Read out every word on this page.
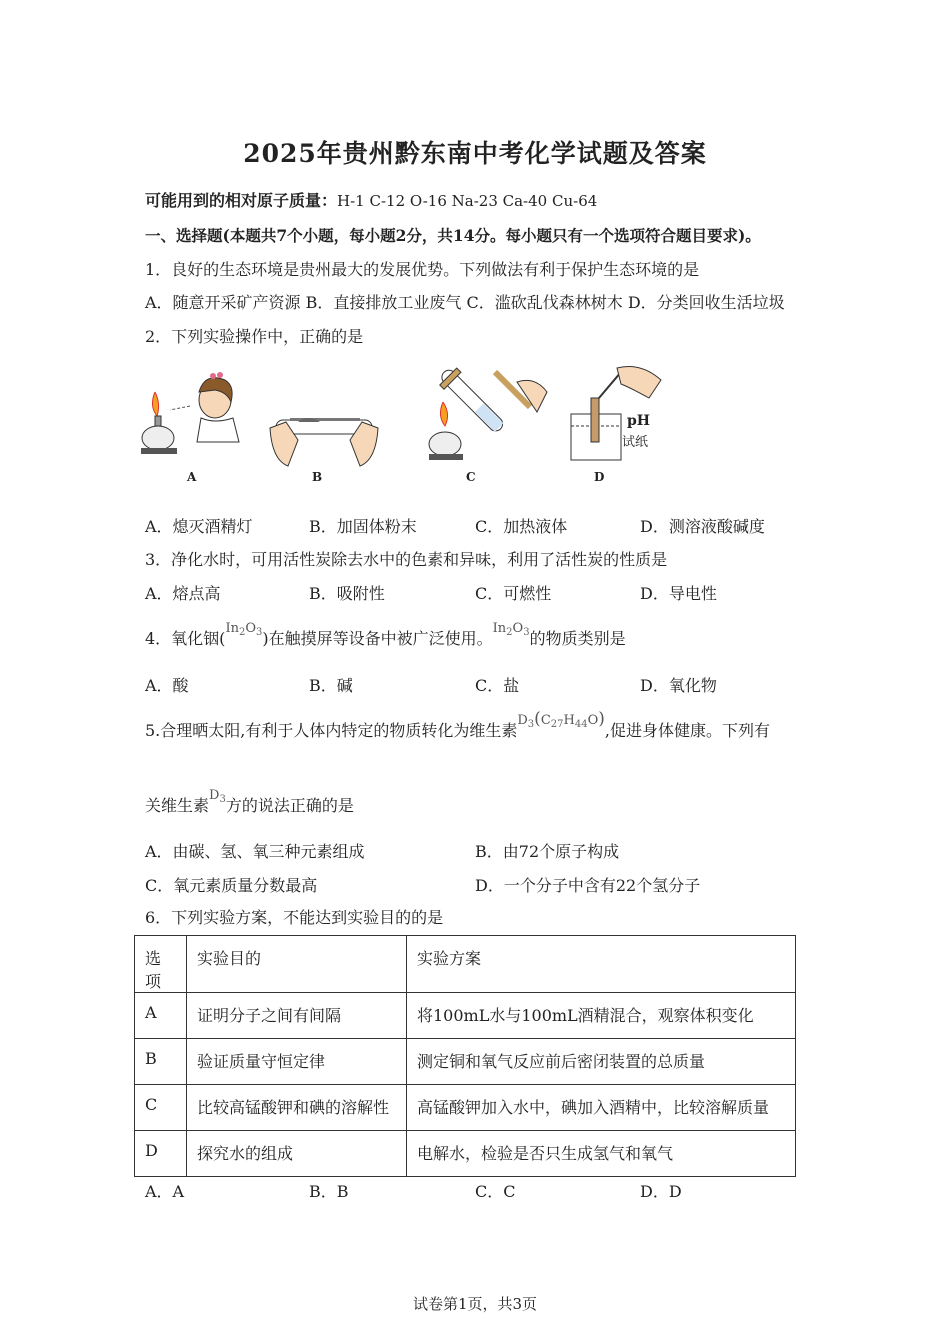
2025年贵州黔东南中考化学试题及答案
可能用到的相对原子质量：H-1 C-12 O-16 Na-23 Ca-40 Cu-64
一、选择题(本题共7个小题，每小题2分，共14分。每小题只有一个选项符合题目要求)。
1．良好的生态环境是贵州最大的发展优势。下列做法有利于保护生态环境的是
A．随意开采矿产资源 B．直接排放工业废气 C．滥砍乱伐森林树木 D．分类回收生活垃圾
2．下列实验操作中，正确的是
A	B	C
pH
试纸
D
A．熄灭酒精灯	B．加固体粉末	C．加热液体	D．测溶液酸碱度
3．净化水时，可用活性炭除去水中的色素和异味，利用了活性炭的性质是
A．熔点高	B．吸附性	C．可燃性	D．导电性
4．氧化铟$(In_2O_3)$在触摸屏等设备中被广泛使用。$In_2O_3$的物质类别是
A．酸	B．碱	C．盐	D．氧化物
5.合理晒太阳,有利于人体内特定的物质转化为维生素$D_3(C_{27}H_{44}O)$,促进身体健康。下列有
关维生素$D_3$方的说法正确的是
A．由碳、氢、氧三种元素组成	B．由72个原子构成
C．氧元素质量分数最高	D．一个分子中含有22个氢分子
6．下列实验方案，不能达到实验目的的是
选项	实验目的	实验方案
A	证明分子之间有间隔	将100mL水与100mL酒精混合，观察体积变化
B	验证质量守恒定律	测定铜和氧气反应前后密闭装置的总质量
C	比较高锰酸钾和碘的溶解性	高锰酸钾加入水中，碘加入酒精中，比较溶解质量
D	探究水的组成	电解水，检验是否只生成氢气和氧气
A．A	B．B	C．C	D．D
试卷第1页，共3页
